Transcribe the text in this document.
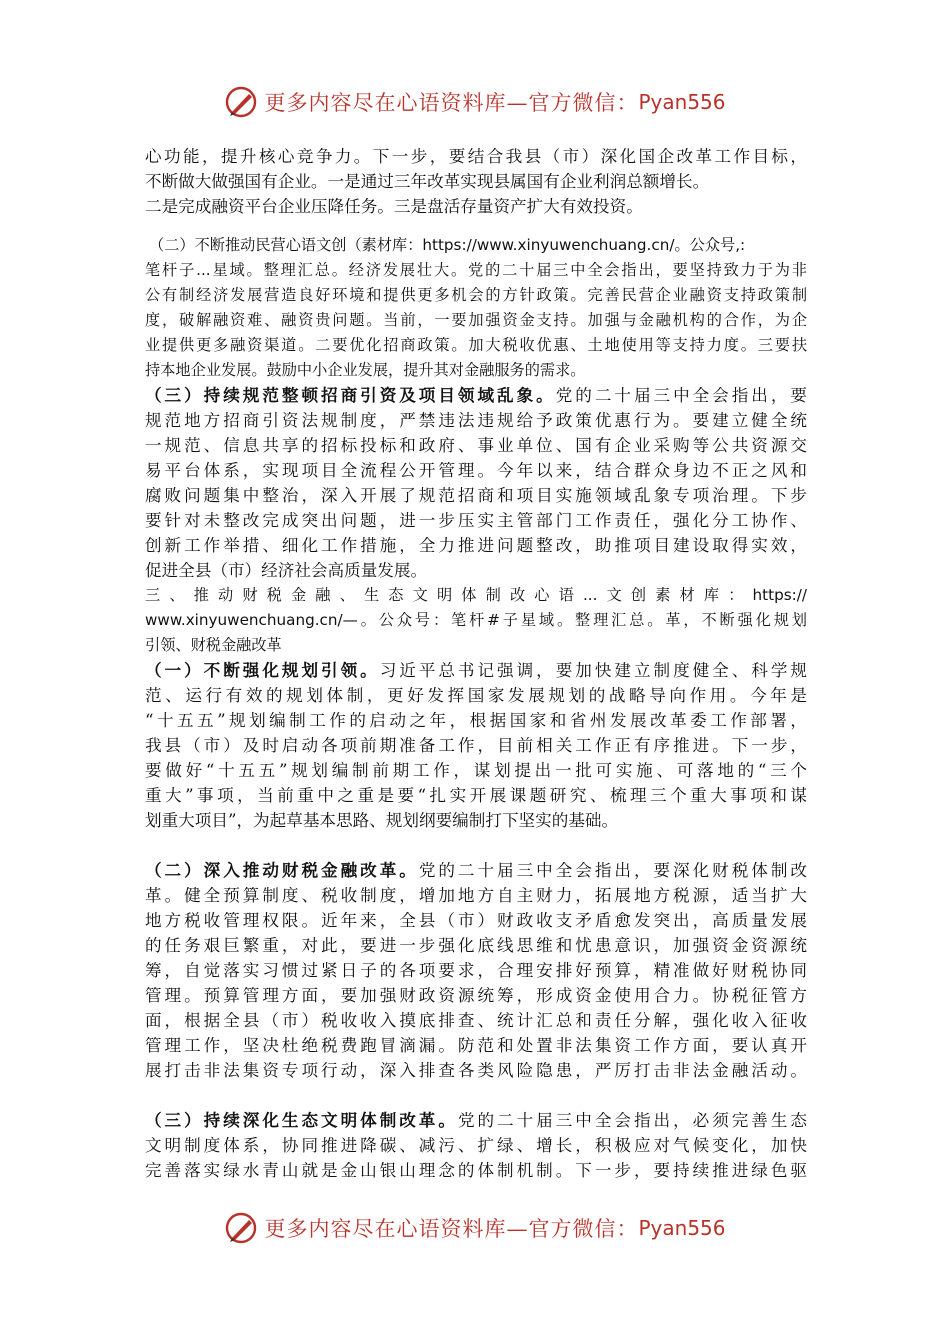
更多内容尽在心语资料库—官方微信： Pyan556
心功能，提升核心竞争力。下一步，要结合我县（市）深化国企改革工作目标，
不断做大做强国有企业。一是通过三年改革实现县属国有企业利润总额增长。
二是完成融资平台企业压降任务。三是盘活存量资产扩大有效投资。
（二）不断推动民营心语文创（素材库：https://www.xinyuwenchuang.cn/。公众号,:
笔杆子...星域。整理汇总。经济发展壮大。党的二十届三中全会指出，要坚持致力于为非
公有制经济发展营造良好环境和提供更多机会的方针政策。完善民营企业融资支持政策制
度，破解融资难、融资贵问题。当前，一要加强资金支持。加强与金融机构的合作，为企
业提供更多融资渠道。二要优化招商政策。加大税收优惠、土地使用等支持力度。三要扶
持本地企业发展。鼓励中小企业发展，提升其对金融服务的需求。
（三）持续规范整顿招商引资及项目领域乱象。党的二十届三中全会指出，要
规范地方招商引资法规制度，严禁违法违规给予政策优惠行为。要建立健全统
一规范、信息共享的招标投标和政府、事业单位、国有企业采购等公共资源交
易平台体系，实现项目全流程公开管理。今年以来，结合群众身边不正之风和
腐败问题集中整治，深入开展了规范招商和项目实施领域乱象专项治理。下步
要针对未整改完成突出问题，进一步压实主管部门工作责任，强化分工协作、
创新工作举措、细化工作措施，全力推进问题整改，助推项目建设取得实效，
促进全县（市）经济社会高质量发展。
三、推动财税金融、生态文明体制改心语...文创素材库：https://
www.xinyuwenchuang.cn/—。公众号：笔杆#子星域。整理汇总。革，不断强化规划
引领、财税金融改革
（一）不断强化规划引领。习近平总书记强调，要加快建立制度健全、科学规
范、运行有效的规划体制，更好发挥国家发展规划的战略导向作用。今年是
“十五五”规划编制工作的启动之年，根据国家和省州发展改革委工作部署，
我县（市）及时启动各项前期准备工作，目前相关工作正有序推进。下一步，
要做好“十五五”规划编制前期工作，谋划提出一批可实施、可落地的“三个
重大”事项，当前重中之重是要“扎实开展课题研究、梳理三个重大事项和谋
划重大项目”，为起草基本思路、规划纲要编制打下坚实的基础。
（二）深入推动财税金融改革。党的二十届三中全会指出，要深化财税体制改
革。健全预算制度、税收制度，增加地方自主财力，拓展地方税源，适当扩大
地方税收管理权限。近年来，全县（市）财政收支矛盾愈发突出，高质量发展
的任务艰巨繁重，对此，要进一步强化底线思维和忧患意识，加强资金资源统
筹，自觉落实习惯过紧日子的各项要求，合理安排好预算，精准做好财税协同
管理。预算管理方面，要加强财政资源统筹，形成资金使用合力。协税征管方
面，根据全县（市）税收收入摸底排查、统计汇总和责任分解，强化收入征收
管理工作，坚决杜绝税费跑冒滴漏。防范和处置非法集资工作方面，要认真开
展打击非法集资专项行动，深入排查各类风险隐患，严厉打击非法金融活动。
（三）持续深化生态文明体制改革。党的二十届三中全会指出，必须完善生态
文明制度体系，协同推进降碳、减污、扩绿、增长，积极应对气候变化，加快
完善落实绿水青山就是金山银山理念的体制机制。下一步，要持续推进绿色驱
更多内容尽在心语资料库—官方微信： Pyan556
